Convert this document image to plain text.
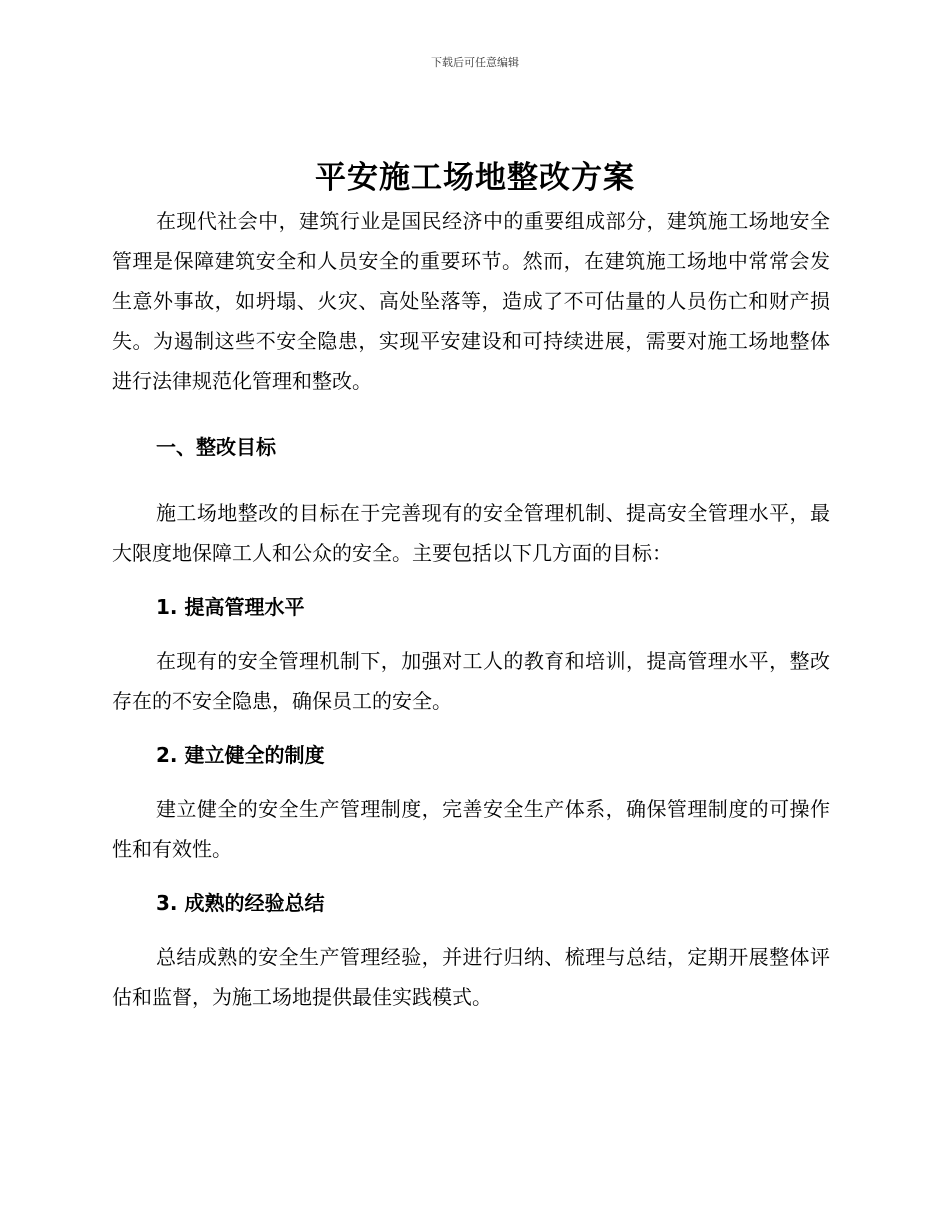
下载后可任意编辑
平安施工场地整改方案

在现代社会中，建筑行业是国民经济中的重要组成部分，建筑施工场地安全管理是保障建筑安全和人员安全的重要环节。然而，在建筑施工场地中常常会发生意外事故，如坍塌、火灾、高处坠落等，造成了不可估量的人员伤亡和财产损失。为遏制这些不安全隐患，实现平安建设和可持续进展，需要对施工场地整体进行法律规范化管理和整改。

一、整改目标

施工场地整改的目标在于完善现有的安全管理机制、提高安全管理水平，最大限度地保障工人和公众的安全。主要包括以下几方面的目标：

1. 提高管理水平

在现有的安全管理机制下，加强对工人的教育和培训，提高管理水平，整改存在的不安全隐患，确保员工的安全。

2. 建立健全的制度

建立健全的安全生产管理制度，完善安全生产体系，确保管理制度的可操作性和有效性。

3. 成熟的经验总结

总结成熟的安全生产管理经验，并进行归纳、梳理与总结，定期开展整体评估和监督，为施工场地提供最佳实践模式。
